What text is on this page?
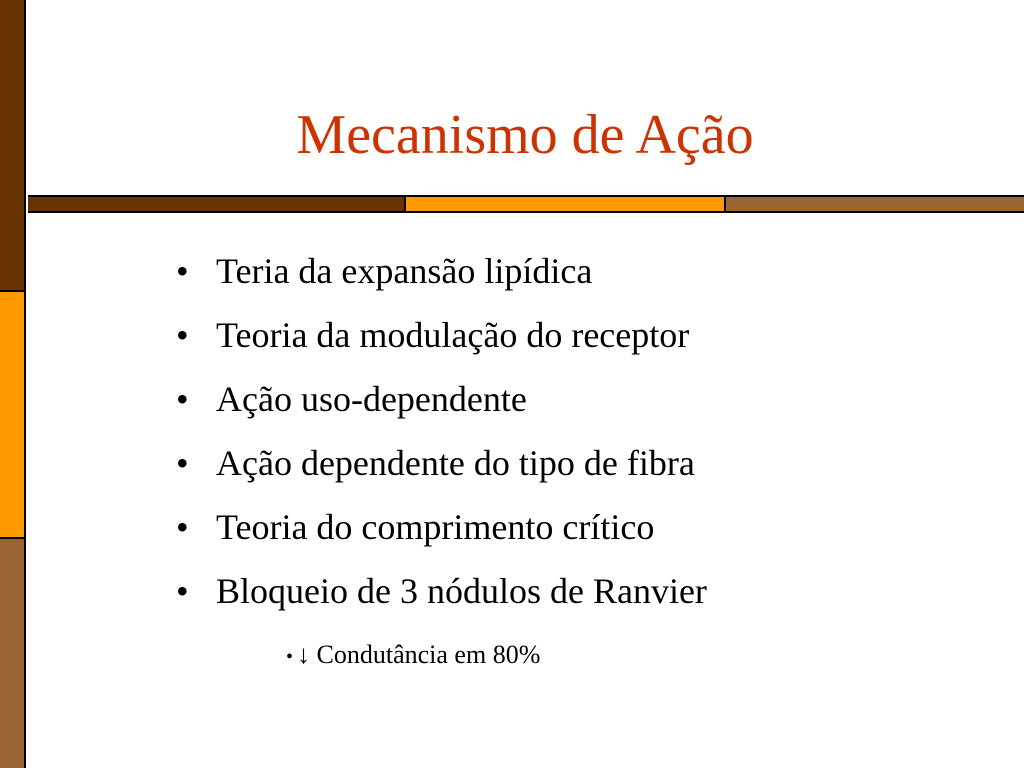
Mecanismo de Ação
• Teria da expansão lipídica
• Teoria da modulação do receptor
• Ação uso-dependente
• Ação dependente do tipo de fibra
• Teoria do comprimento crítico
• Bloqueio de 3 nódulos de Ranvier
• ↓ Condutância em 80%
